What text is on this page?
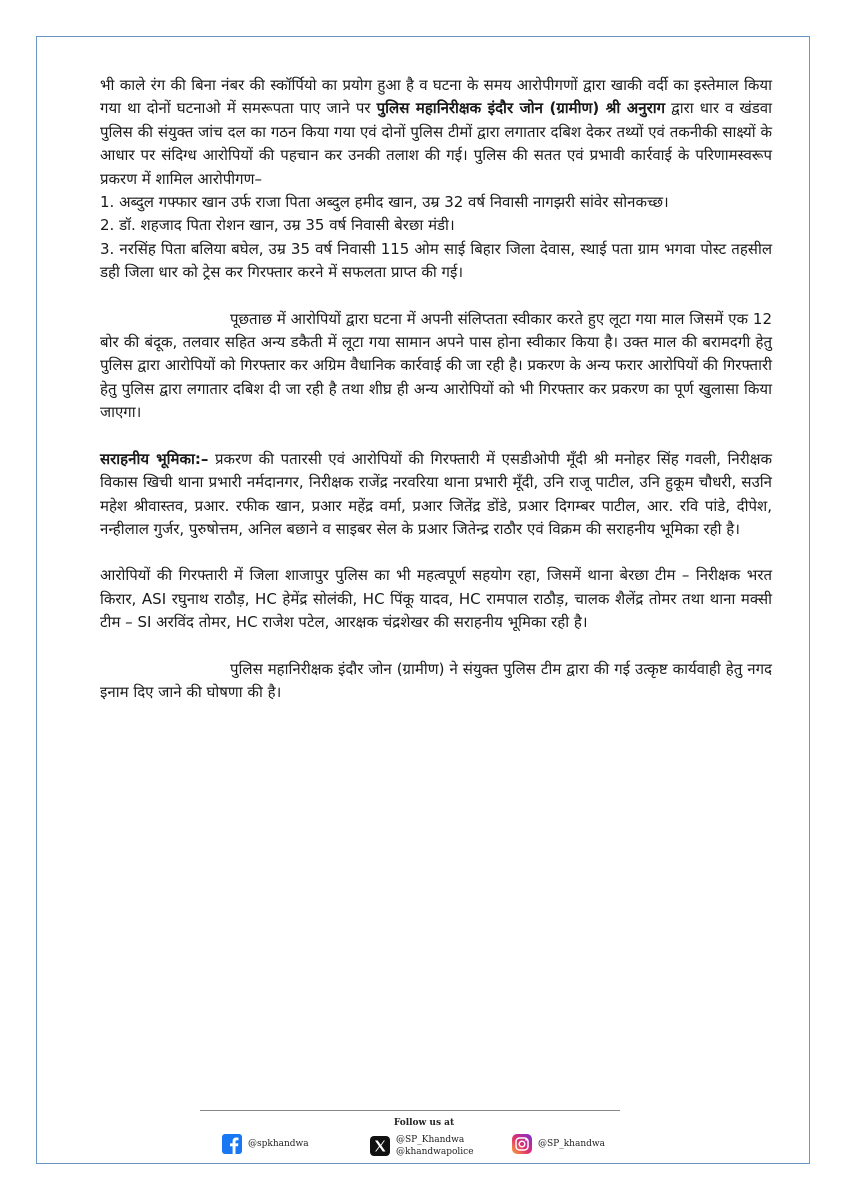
भी काले रंग की बिना नंबर की स्कॉर्पियो का प्रयोग हुआ है व घटना के समय आरोपीगणों द्वारा खाकी वर्दी का इस्तेमाल किया गया था दोनों घटनाओ में समरूपता पाए जाने पर पुलिस महानिरीक्षक इंदौर जोन (ग्रामीण) श्री अनुराग द्वारा धार व खंडवा पुलिस की संयुक्त जांच दल का गठन किया गया एवं दोनों पुलिस टीमों द्वारा लगातार दबिश देकर तथ्यों एवं तकनीकी साक्ष्यों के आधार पर संदिग्ध आरोपियों की पहचान कर उनकी तलाश की गई। पुलिस की सतत एवं प्रभावी कार्रवाई के परिणामस्वरूप प्रकरण में शामिल आरोपीगण–

1. अब्दुल गफ्फार खान उर्फ राजा पिता अब्दुल हमीद खान, उम्र 32 वर्ष निवासी नागझरी सांवेर सोनकच्छ।

2. डॉ. शहजाद पिता रोशन खान, उम्र 35 वर्ष निवासी बेरछा मंडी।

3. नरसिंह पिता बलिया बघेल, उम्र 35 वर्ष निवासी 115 ओम साई बिहार जिला देवास, स्थाई पता ग्राम भगवा पोस्ट तहसील डही जिला धार को ट्रेस कर गिरफ्तार करने में सफलता प्राप्त की गई।

पूछताछ में आरोपियों द्वारा घटना में अपनी संलिप्तता स्वीकार करते हुए लूटा गया माल जिसमें एक 12 बोर की बंदूक, तलवार सहित अन्य डकैती में लूटा गया सामान अपने पास होना स्वीकार किया है। उक्त माल की बरामदगी हेतु पुलिस द्वारा आरोपियों को गिरफ्तार कर अग्रिम वैधानिक कार्रवाई की जा रही है। प्रकरण के अन्य फरार आरोपियों की गिरफ्तारी हेतु पुलिस द्वारा लगातार दबिश दी जा रही है तथा शीघ्र ही अन्य आरोपियों को भी गिरफ्तार कर प्रकरण का पूर्ण खुलासा किया जाएगा।

सराहनीय भूमिका:– प्रकरण की पतारसी एवं आरोपियों की गिरफ्तारी में एसडीओपी मूँदी श्री मनोहर सिंह गवली, निरीक्षक विकास खिची थाना प्रभारी नर्मदानगर, निरीक्षक राजेंद्र नरवरिया थाना प्रभारी मूँदी, उनि राजू पाटील, उनि हुकूम चौधरी, सउनि महेश श्रीवास्तव, प्रआर. रफीक खान, प्रआर महेंद्र वर्मा, प्रआर जितेंद्र डोंडे, प्रआर दिगम्बर पाटील, आर. रवि पांडे, दीपेश, नन्हीलाल गुर्जर, पुरुषोत्तम, अनिल बछाने व साइबर सेल के प्रआर जितेन्द्र राठौर एवं विक्रम की सराहनीय भूमिका रही है।

आरोपियों की गिरफ्तारी में जिला शाजापुर पुलिस का भी महत्वपूर्ण सहयोग रहा, जिसमें थाना बेरछा टीम – निरीक्षक भरत किरार, ASI रघुनाथ राठौड़, HC हेमेंद्र सोलंकी, HC पिंकू यादव, HC रामपाल राठौड़, चालक शैलेंद्र तोमर तथा थाना मक्सी टीम – SI अरविंद तोमर, HC राजेश पटेल, आरक्षक चंद्रशेखर की सराहनीय भूमिका रही है।

पुलिस महानिरीक्षक इंदौर जोन (ग्रामीण) ने संयुक्त पुलिस टीम द्वारा की गई उत्कृष्ट कार्यवाही हेतु नगद इनाम दिए जाने की घोषणा की है।

Follow us at
@spkhandwa	@SP_Khandwa
@khandwapolice
@SP_khandwa
